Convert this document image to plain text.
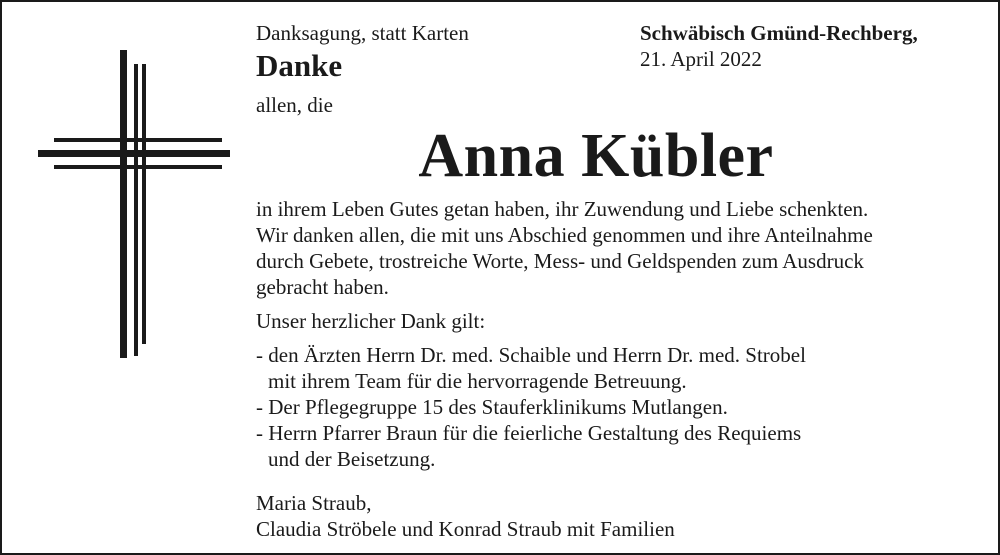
Danksagung, statt Karten
Danke
Schwäbisch Gmünd-Rechberg,
21. April 2022
allen, die
Anna Kübler
in ihrem Leben Gutes getan haben, ihr Zuwendung und Liebe schenkten.
Wir danken allen, die mit uns Abschied genommen und ihre Anteilnahme
durch Gebete, trostreiche Worte, Mess- und Geldspenden zum Ausdruck
gebracht haben.
Unser herzlicher Dank gilt:
- den Ärzten Herrn Dr. med. Schaible und Herrn Dr. med. Strobel
mit ihrem Team für die hervorragende Betreuung.
- Der Pflegegruppe 15 des Stauferklinikums Mutlangen.
- Herrn Pfarrer Braun für die feierliche Gestaltung des Requiems
und der Beisetzung.
Maria Straub,
Claudia Ströbele und Konrad Straub mit Familien
